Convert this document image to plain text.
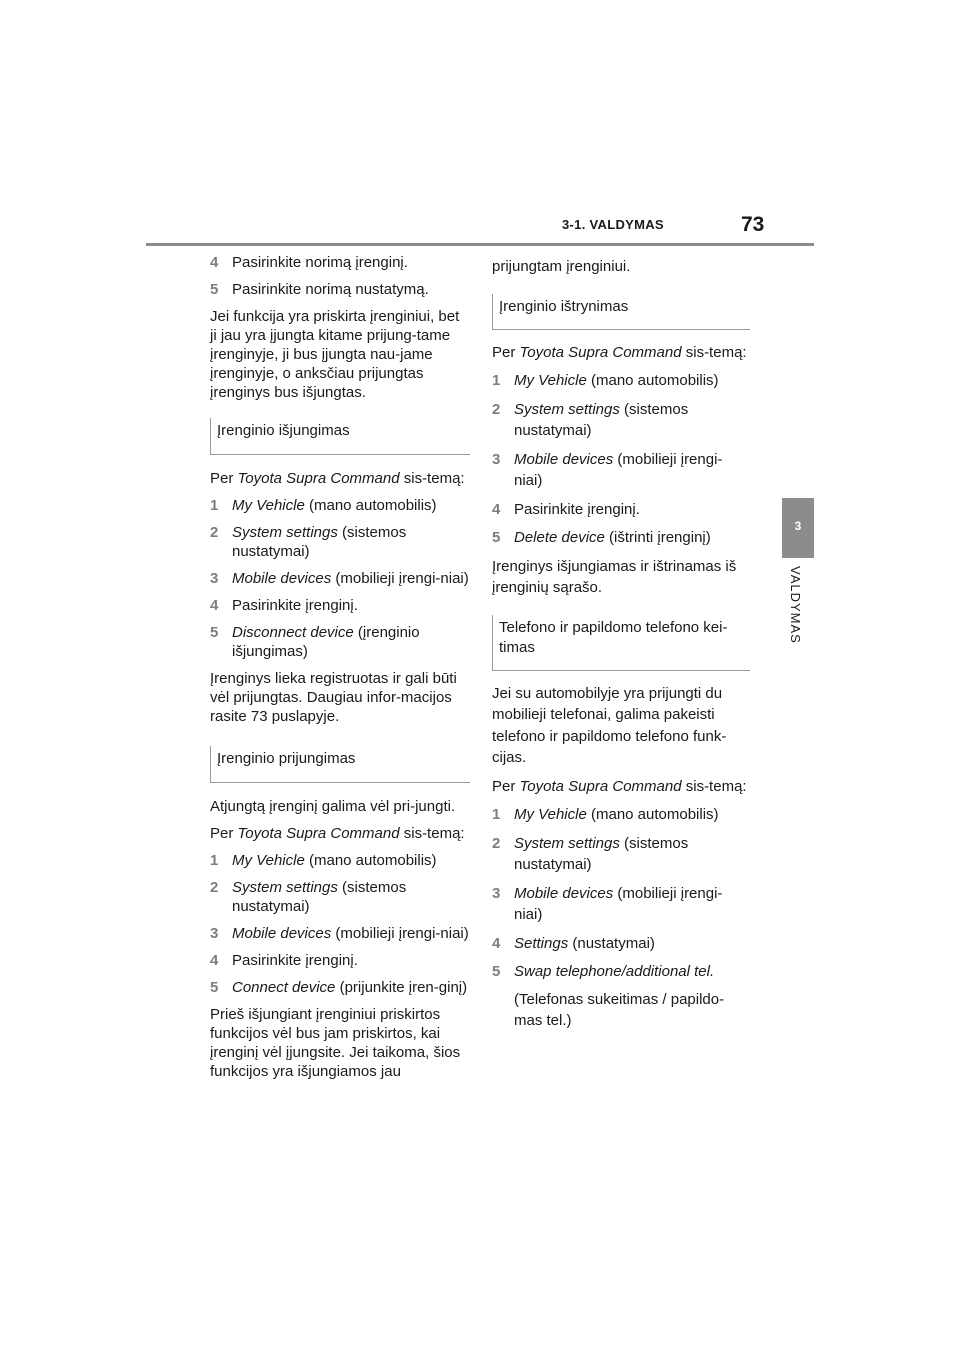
3-1. VALDYMAS	73
3
VALDYMAS
4 Pasirinkite norimą įrenginį.
5 Pasirinkite norimą nustatymą.
Jei funkcija yra priskirta įrenginiui, bet ji jau yra įjungta kitame prijung-tame įrenginyje, ji bus įjungta nau-jame įrenginyje, o anksčiau prijungtas įrenginys bus išjungtas.
Įrenginio išjungimas
Per Toyota Supra Command sis-temą:
1 My Vehicle (mano automobilis)
2 System settings (sistemos nustatymai)
3 Mobile devices (mobilieji įrengi-niai)
4 Pasirinkite įrenginį.
5 Disconnect device (įrenginio išjungimas)
Įrenginys lieka registruotas ir gali būti vėl prijungtas. Daugiau infor-macijos rasite 73 puslapyje.
Įrenginio prijungimas
Atjungtą įrenginį galima vėl pri-jungti.
Per Toyota Supra Command sis-temą:
1 My Vehicle (mano automobilis)
2 System settings (sistemos nustatymai)
3 Mobile devices (mobilieji įrengi-niai)
4 Pasirinkite įrenginį.
5 Connect device (prijunkite įren-ginį)
Prieš išjungiant įrenginiui priskirtos funkcijos vėl bus jam priskirtos, kai įrenginį vėl įjungsite. Jei taikoma, šios funkcijos yra išjungiamos jau
prijungtam įrenginiui.
Įrenginio ištrynimas
Per Toyota Supra Command sis-temą:
1 My Vehicle (mano automobilis)
2 System settings (sistemos nustatymai)
3 Mobile devices (mobilieji įrengi-niai)
4 Pasirinkite įrenginį.
5 Delete device (ištrinti įrenginį)
Įrenginys išjungiamas ir ištrinamas iš įrenginių sąrašo.
Telefono ir papildomo telefono kei-timas
Jei su automobilyje yra prijungti du mobilieji telefonai, galima pakeisti telefono ir papildomo telefono funk-cijas.
Per Toyota Supra Command sis-temą:
1 My Vehicle (mano automobilis)
2 System settings (sistemos nustatymai)
3 Mobile devices (mobilieji įrengi-niai)
4 Settings (nustatymai)
5 Swap telephone/additional tel.
(Telefonas sukeitimas / papildo-mas tel.)
